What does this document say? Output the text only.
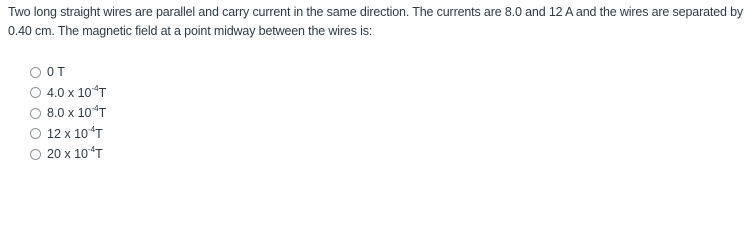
Two long straight wires are parallel and carry current in the same direction. The currents are 8.0 and 12 A and the wires are separated by 0.40 cm. The magnetic field at a point midway between the wires is:

0 T
4.0 x $10^{-4}T$
8.0 x $10^{-4}T$
12 x $10^{-4}T$
20 x $10^{-4}T$
